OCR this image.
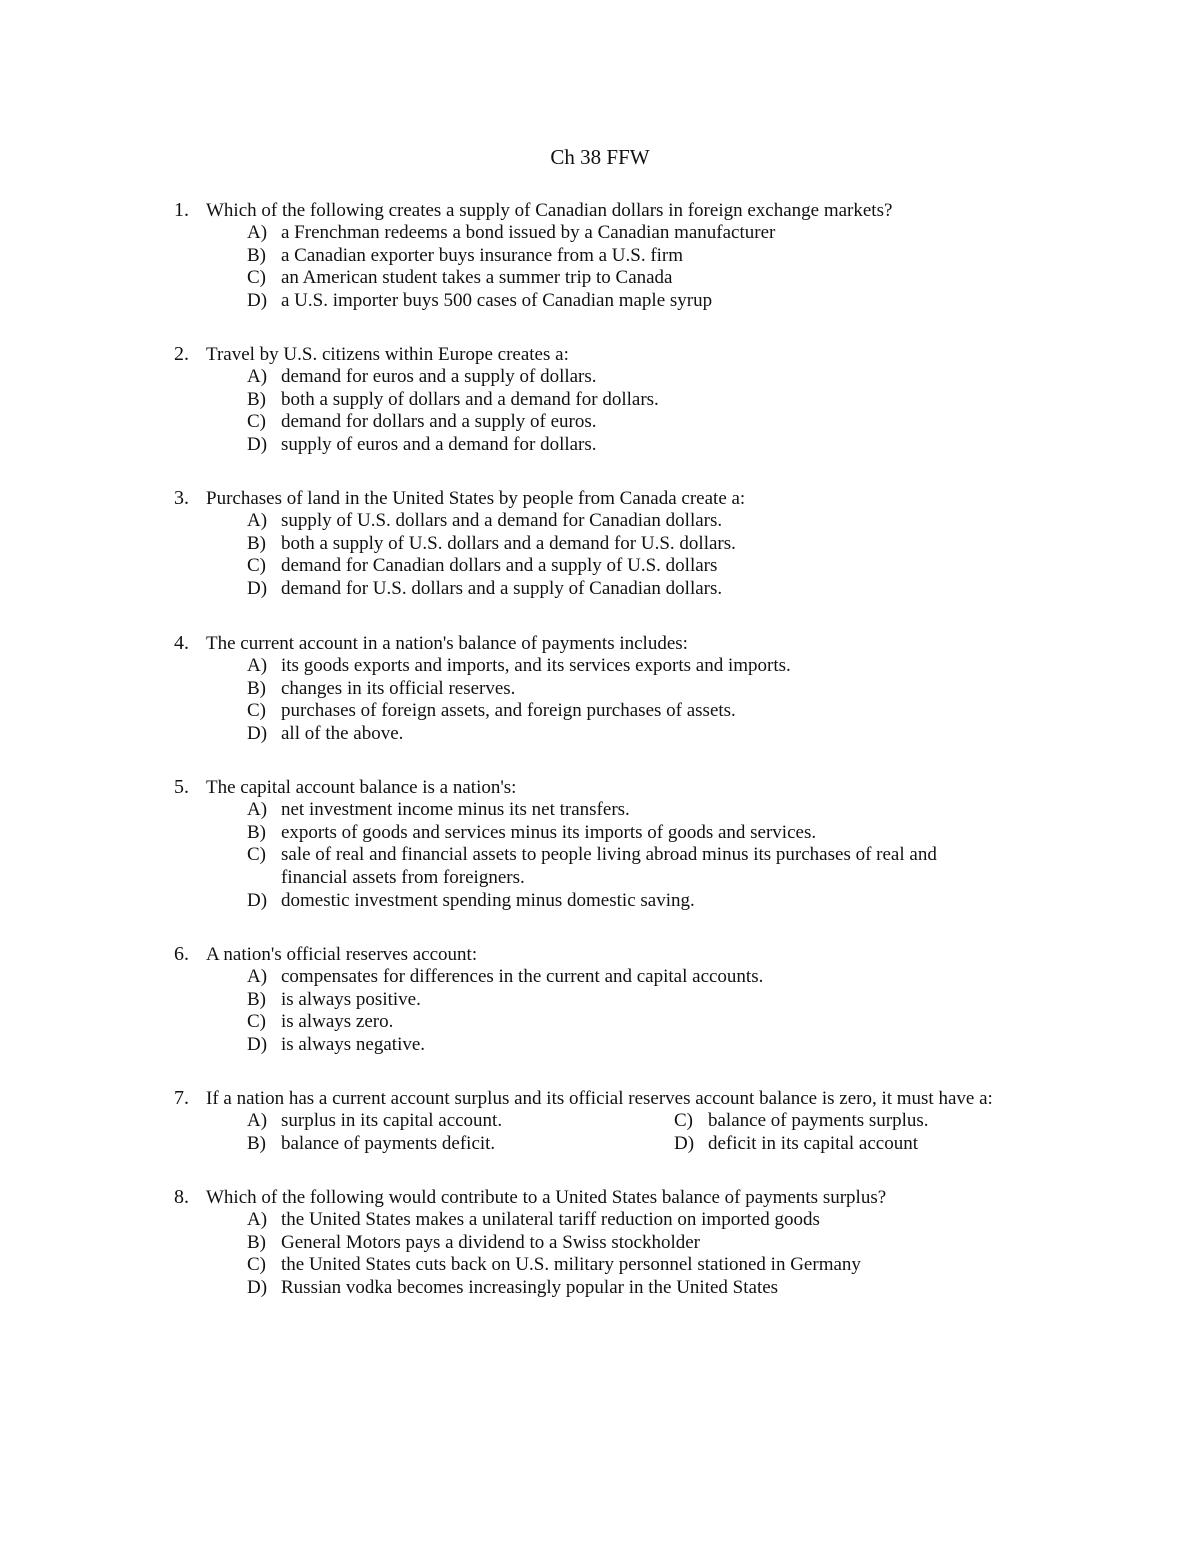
Ch 38 FFW
1. Which of the following creates a supply of Canadian dollars in foreign exchange markets?
A) a Frenchman redeems a bond issued by a Canadian manufacturer
B) a Canadian exporter buys insurance from a U.S. firm
C) an American student takes a summer trip to Canada
D) a U.S. importer buys 500 cases of Canadian maple syrup
2. Travel by U.S. citizens within Europe creates a:
A) demand for euros and a supply of dollars.
B) both a supply of dollars and a demand for dollars.
C) demand for dollars and a supply of euros.
D) supply of euros and a demand for dollars.
3. Purchases of land in the United States by people from Canada create a:
A) supply of U.S. dollars and a demand for Canadian dollars.
B) both a supply of U.S. dollars and a demand for U.S. dollars.
C) demand for Canadian dollars and a supply of U.S. dollars
D) demand for U.S. dollars and a supply of Canadian dollars.
4. The current account in a nation's balance of payments includes:
A) its goods exports and imports, and its services exports and imports.
B) changes in its official reserves.
C) purchases of foreign assets, and foreign purchases of assets.
D) all of the above.
5. The capital account balance is a nation's:
A) net investment income minus its net transfers.
B) exports of goods and services minus its imports of goods and services.
C) sale of real and financial assets to people living abroad minus its purchases of real and financial assets from foreigners.
D) domestic investment spending minus domestic saving.
6. A nation's official reserves account:
A) compensates for differences in the current and capital accounts.
B) is always positive.
C) is always zero.
D) is always negative.
7. If a nation has a current account surplus and its official reserves account balance is zero, it must have a:
A) surplus in its capital account.
B) balance of payments deficit.
C) balance of payments surplus.
D) deficit in its capital account
8. Which of the following would contribute to a United States balance of payments surplus?
A) the United States makes a unilateral tariff reduction on imported goods
B) General Motors pays a dividend to a Swiss stockholder
C) the United States cuts back on U.S. military personnel stationed in Germany
D) Russian vodka becomes increasingly popular in the United States
